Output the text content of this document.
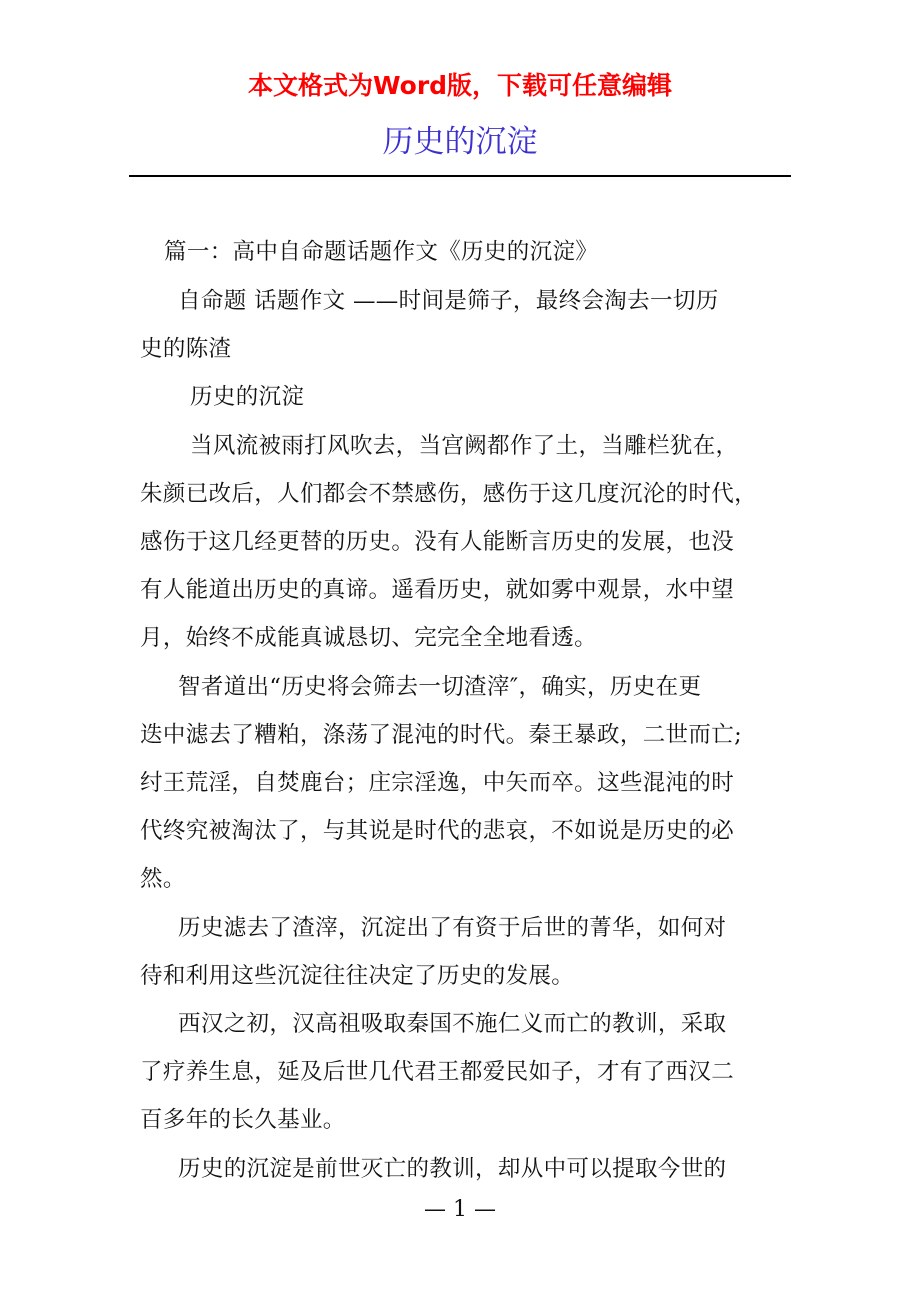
本文格式为Word版，下载可任意编辑
历史的沉淀
篇一：高中自命题话题作文《历史的沉淀》
自命题 话题作文 ——时间是筛子，最终会淘去一切历
史的陈渣
历史的沉淀
当风流被雨打风吹去，当宫阙都作了土，当雕栏犹在，
朱颜已改后，人们都会不禁感伤，感伤于这几度沉沦的时代，
感伤于这几经更替的历史。没有人能断言历史的发展，也没
有人能道出历史的真谛。遥看历史，就如雾中观景，水中望
月，始终不成能真诚恳切、完完全全地看透。
智者道出“历史将会筛去一切渣滓″，确实，历史在更
迭中滤去了糟粕，涤荡了混沌的时代。秦王暴政，二世而亡;
纣王荒淫，自焚鹿台；庄宗淫逸，中矢而卒。这些混沌的时
代终究被淘汰了，与其说是时代的悲哀，不如说是历史的必
然。
历史滤去了渣滓，沉淀出了有资于后世的菁华，如何对
待和利用这些沉淀往往决定了历史的发展。
西汉之初，汉高祖吸取秦国不施仁义而亡的教训，采取
了疗养生息，延及后世几代君王都爱民如子，才有了西汉二
百多年的长久基业。
历史的沉淀是前世灭亡的教训，却从中可以提取今世的
— 1 —
